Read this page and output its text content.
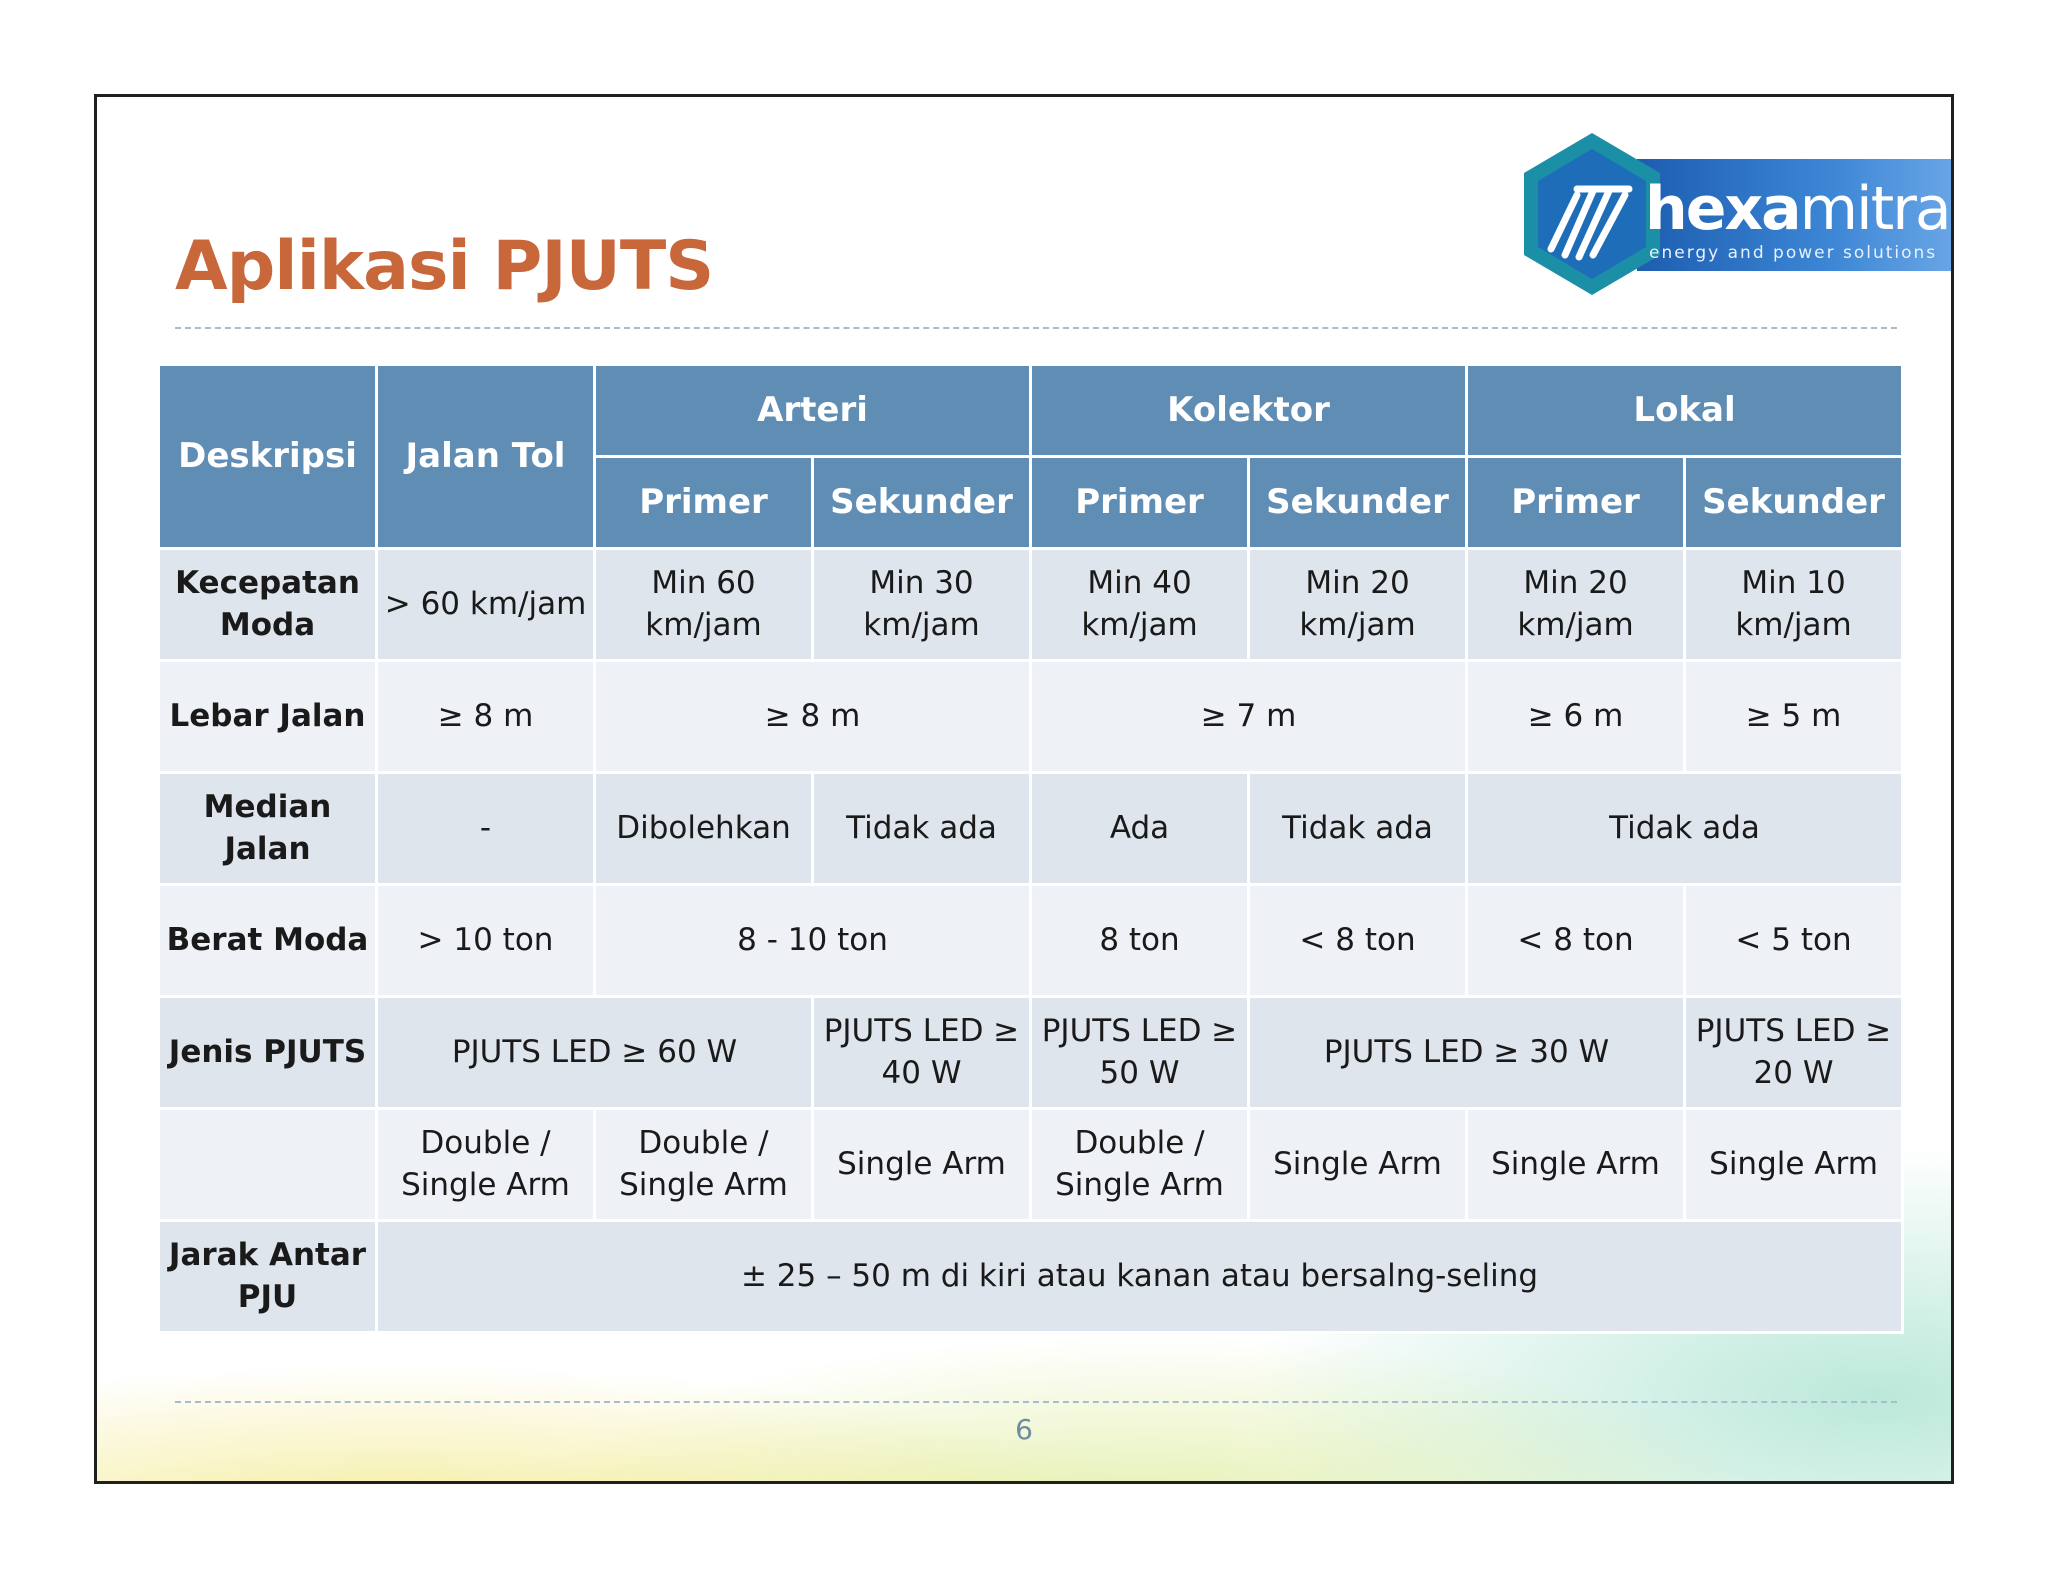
hexamitra
energy and power solutions
Aplikasi PJUTS
Deskripsi	Jalan Tol	Arteri		Kolektor		Lokal	
		Primer	Sekunder	Primer	Sekunder	Primer	Sekunder
Kecepatan Moda	> 60 km/jam	Min 60 km/jam	Min 30 km/jam	Min 40 km/jam	Min 20 km/jam	Min 20 km/jam	Min 10 km/jam
Lebar Jalan	≥ 8 m	≥ 8 m		≥ 7 m		≥ 6 m	≥ 5 m
Median Jalan	-	Dibolehkan	Tidak ada	Ada	Tidak ada	Tidak ada	
Berat Moda	> 10 ton	8 - 10 ton		8 ton	< 8 ton	< 8 ton	< 5 ton
Jenis PJUTS	PJUTS LED ≥ 60 W		PJUTS LED ≥ 40 W	PJUTS LED ≥ 50 W	PJUTS LED ≥ 30 W		PJUTS LED ≥ 20 W
	Double / Single Arm	Double / Single Arm	Single Arm	Double / Single Arm	Single Arm	Single Arm	Single Arm
Jarak Antar PJU	± 25 – 50 m di kiri atau kanan atau bersalng-seling						
6
